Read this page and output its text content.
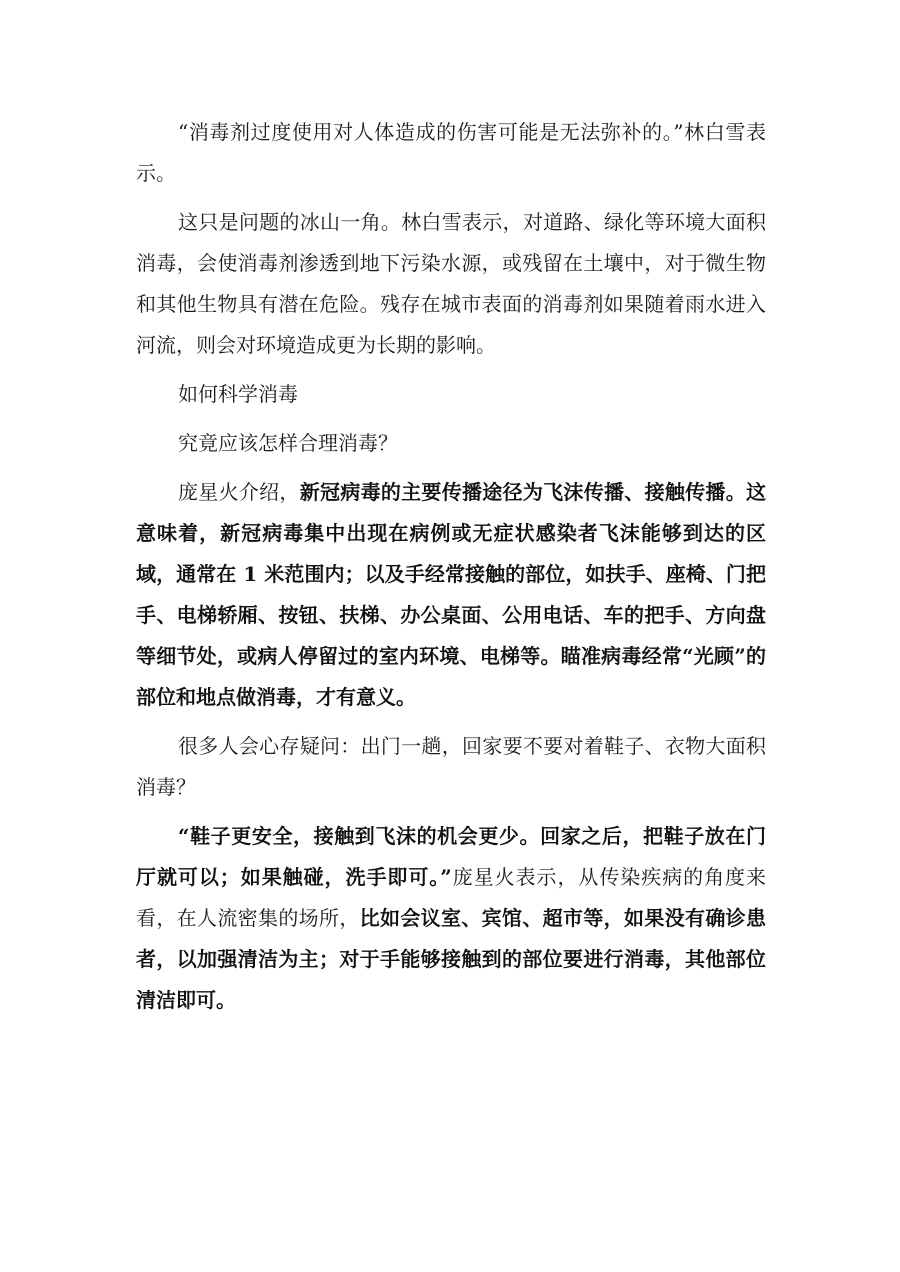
“消毒剂过度使用对人体造成的伤害可能是无法弥补的。”林白雪表示。

这只是问题的冰山一角。林白雪表示，对道路、绿化等环境大面积消毒，会使消毒剂渗透到地下污染水源，或残留在土壤中，对于微生物和其他生物具有潜在危险。残存在城市表面的消毒剂如果随着雨水进入河流，则会对环境造成更为长期的影响。

如何科学消毒

究竟应该怎样合理消毒？

庞星火介绍，新冠病毒的主要传播途径为飞沫传播、接触传播。这意味着，新冠病毒集中出现在病例或无症状感染者飞沫能够到达的区域，通常在 1 米范围内；以及手经常接触的部位，如扶手、座椅、门把手、电梯轿厢、按钮、扶梯、办公桌面、公用电话、车的把手、方向盘等细节处，或病人停留过的室内环境、电梯等。瞄准病毒经常“光顾”的部位和地点做消毒，才有意义。

很多人会心存疑问：出门一趟，回家要不要对着鞋子、衣物大面积消毒？

“鞋子更安全，接触到飞沫的机会更少。回家之后，把鞋子放在门厅就可以；如果触碰，洗手即可。”庞星火表示，从传染疾病的角度来看，在人流密集的场所，比如会议室、宾馆、超市等，如果没有确诊患者，以加强清洁为主；对于手能够接触到的部位要进行消毒，其他部位清洁即可。
